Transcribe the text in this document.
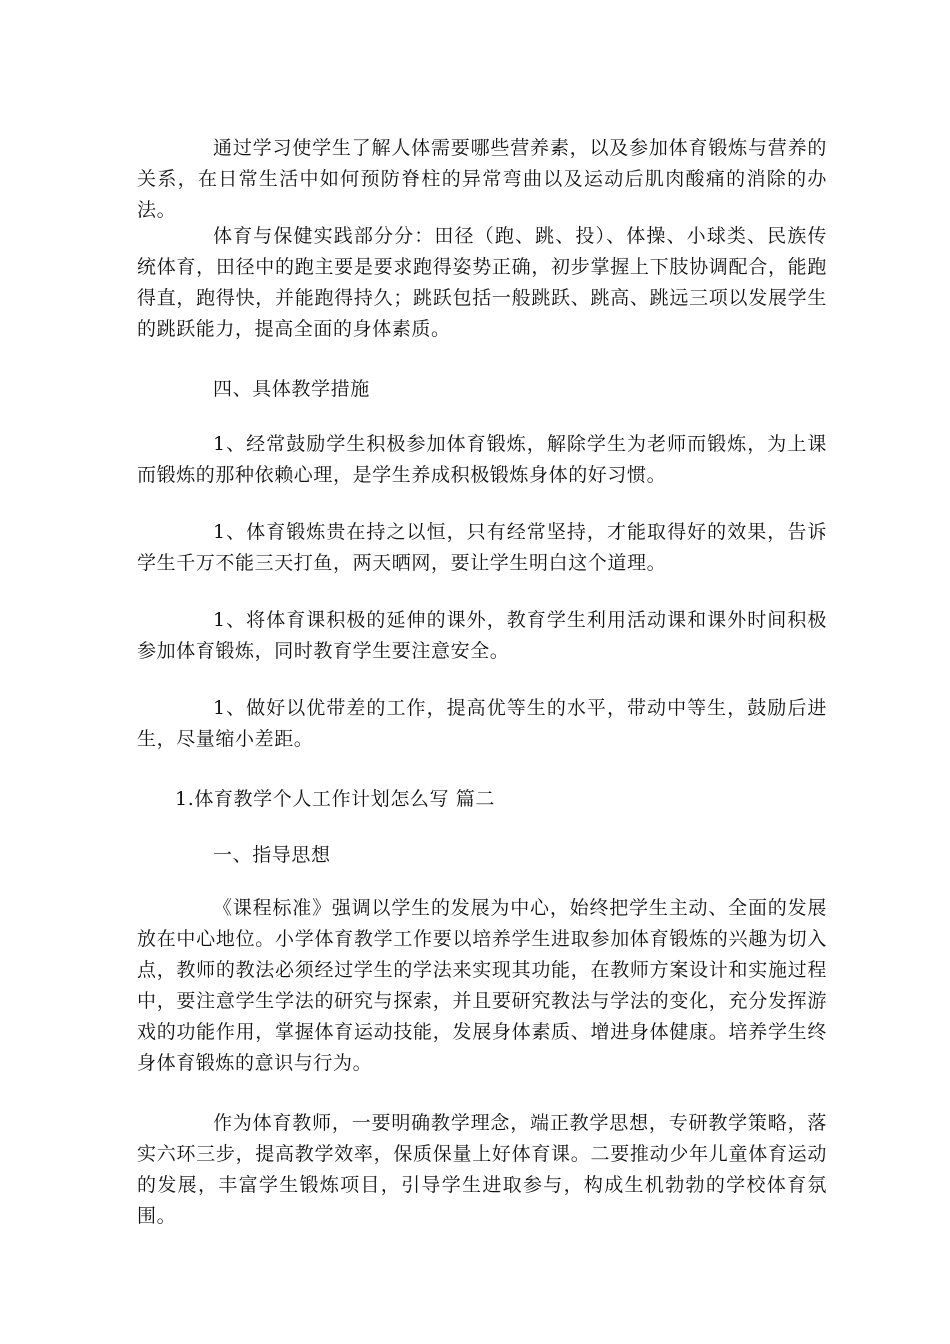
通过学习使学生了解人体需要哪些营养素，以及参加体育锻炼与营养的关系，在日常生活中如何预防脊柱的异常弯曲以及运动后肌肉酸痛的消除的办法。

体育与保健实践部分分：田径（跑、跳、投）、体操、小球类、民族传统体育，田径中的跑主要是要求跑得姿势正确，初步掌握上下肢协调配合，能跑得直，跑得快，并能跑得持久；跳跃包括一般跳跃、跳高、跳远三项以发展学生的跳跃能力，提高全面的身体素质。

四、具体教学措施

1、经常鼓励学生积极参加体育锻炼，解除学生为老师而锻炼，为上课而锻炼的那种依赖心理，是学生养成积极锻炼身体的好习惯。

1、体育锻炼贵在持之以恒，只有经常坚持，才能取得好的效果，告诉学生千万不能三天打鱼，两天晒网，要让学生明白这个道理。

1、将体育课积极的延伸的课外，教育学生利用活动课和课外时间积极参加体育锻炼，同时教育学生要注意安全。

1、做好以优带差的工作，提高优等生的水平，带动中等生，鼓励后进生，尽量缩小差距。

1.体育教学个人工作计划怎么写 篇二

一、指导思想

《课程标准》强调以学生的发展为中心，始终把学生主动、全面的发展放在中心地位。小学体育教学工作要以培养学生进取参加体育锻炼的兴趣为切入点，教师的教法必须经过学生的学法来实现其功能，在教师方案设计和实施过程中，要注意学生学法的研究与探索，并且要研究教法与学法的变化，充分发挥游戏的功能作用，掌握体育运动技能，发展身体素质、增进身体健康。培养学生终身体育锻炼的意识与行为。

作为体育教师，一要明确教学理念，端正教学思想，专研教学策略，落实六环三步，提高教学效率，保质保量上好体育课。二要推动少年儿童体育运动的发展，丰富学生锻炼项目，引导学生进取参与，构成生机勃勃的学校体育氛围。
